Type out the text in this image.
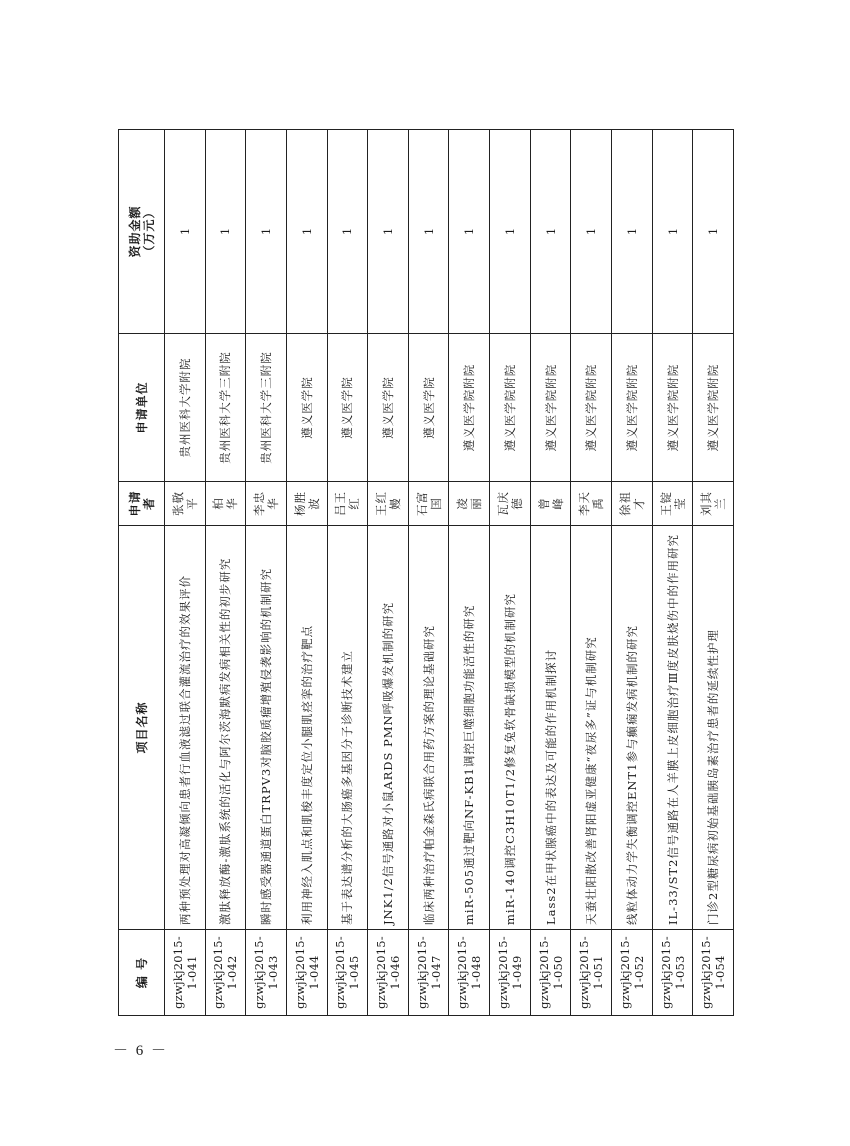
编 号	项目名称	申请者	申请单位	资助金额 （万元）

gzwjkj2015-1-041	两种预处理对高凝倾向患者行血液滤过联合灌流治疗的效果评价	张敬平	贵州医科大学附院	1
gzwjkj2015-1-042	激肽释放酶-激肽系统的活化与阿尔茨海默病发病相关性的初步研究	柏　华	贵州医科大学三附院	1
gzwjkj2015-1-043	瞬时感受器通道蛋白TRPV3对脑胶质瘤增殖侵袭影响的机制研究	李忠华	贵州医科大学三附院	1
gzwjkj2015-1-044	利用神经入肌点和肌梭丰度定位小腿肌痉挛的治疗靶点	杨胜波	遵义医学院	1
gzwjkj2015-1-045	基于表达谱分析的大肠癌多基因分子诊断技术建立	吕王红	遵义医学院	1
gzwjkj2015-1-046	JNK1/2信号通路对小鼠ARDS PMN呼吸爆发机制的研究	王红嫚	遵义医学院	1
gzwjkj2015-1-047	临床两种治疗帕金森氏病联合用药方案的理论基础研究	石富国	遵义医学院	1
gzwjkj2015-1-048	miR-505通过靶向NF-KB1调控巨噬细胞功能活性的研究	凌　丽	遵义医学院附院	1
gzwjkj2015-1-049	miR-140调控C3H10T1/2修复兔软骨缺损模型的机制研究	瓦庆德	遵义医学院附院	1
gzwjkj2015-1-050	Lass2在甲状腺癌中的表达及可能的作用机制探讨	曾　峰	遵义医学院附院	1
gzwjkj2015-1-051	天蚕壮阳散改善肾阳虚亚健康“夜尿多”证与机制研究	李天禹	遵义医学院附院	1
gzwjkj2015-1-052	线粒体动力学失衡调控ENT1参与癫痫发病机制的研究	徐祖才	遵义医学院附院	1
gzwjkj2015-1-053	IL-33/ST2信号通路在人羊膜上皮细胞治疗Ⅲ度皮肤烧伤中的作用研究	王锭莹	遵义医学院附院	1
gzwjkj2015-1-054	门诊2型糖尿病初始基础胰岛素治疗患者的延续性护理	刘其兰	遵义医学院附院	1
－ 6 －
